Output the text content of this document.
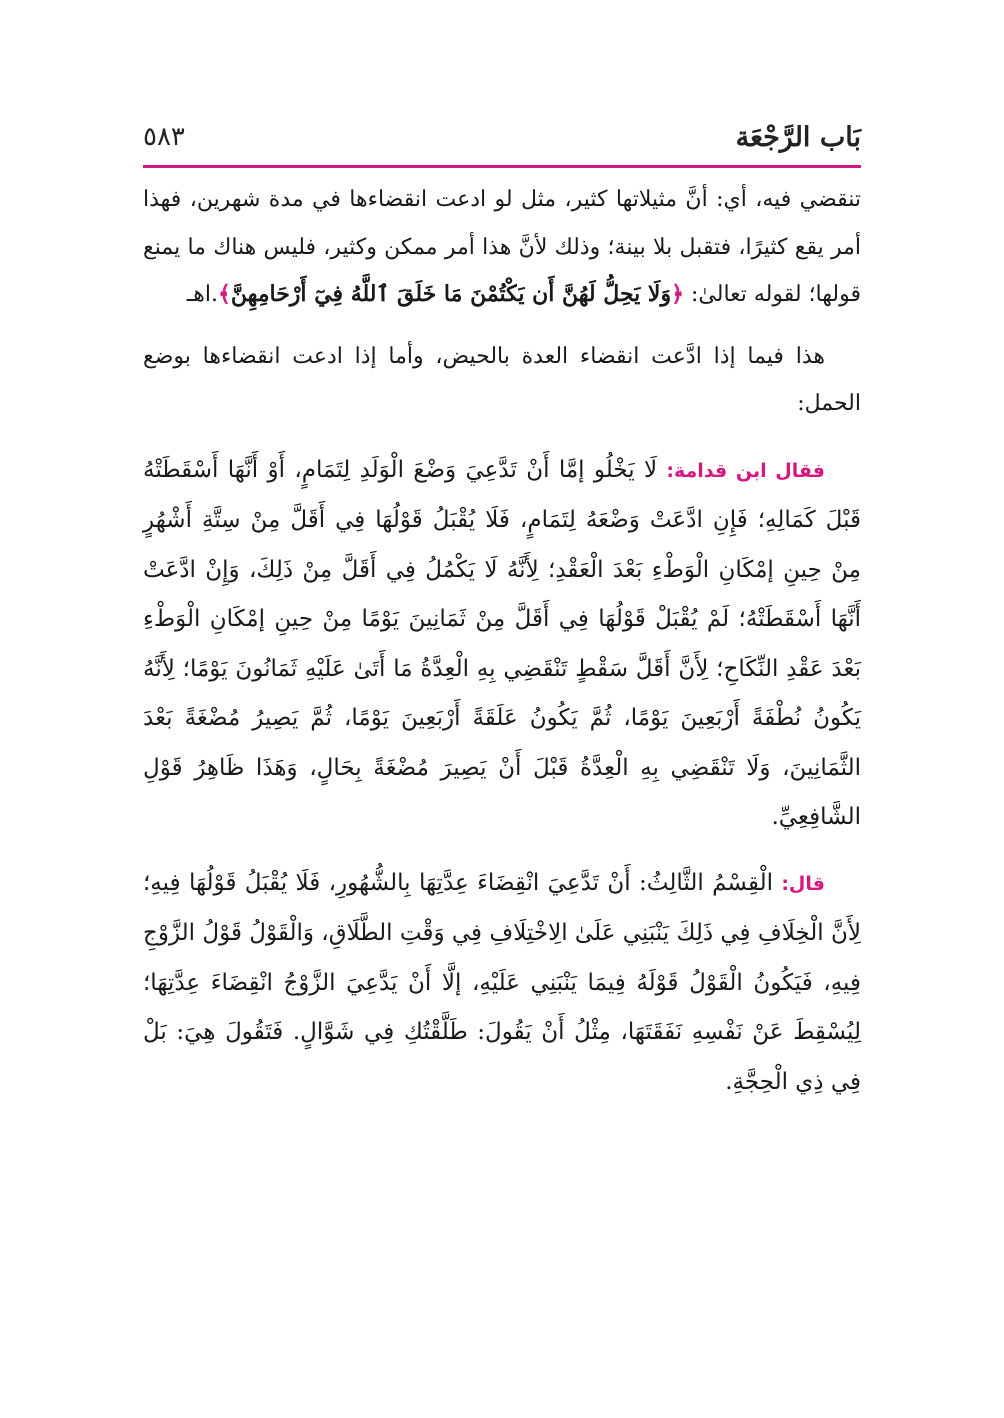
بَاب الرَّجْعَة
٥٨٣

تنقضي فيه، أي: أنَّ مثيلاتها كثير، مثل لو ادعت انقضاءها في مدة شهرين، فهذا أمر يقع كثيرًا، فتقبل بلا بينة؛ وذلك لأنَّ هذا أمر ممكن وكثير، فليس هناك ما يمنع قولها؛ لقوله تعالىٰ: ﴿وَلَا يَحِلُّ لَهُنَّ أَن يَكْتُمْنَ مَا خَلَقَ ٱللَّهُ فِيٓ أَرْحَامِهِنَّ﴾.اهـ

هذا فيما إذا ادَّعت انقضاء العدة بالحيض، وأما إذا ادعت انقضاءها بوضع الحمل:

فقال ابن قدامة: لَا يَخْلُو إمَّا أَنْ تَدَّعِيَ وَضْعَ الْوَلَدِ لِتَمَامٍ، أَوْ أَنَّهَا أَسْقَطَتْهُ قَبْلَ كَمَالِهِ؛ فَإِنِ ادَّعَتْ وَضْعَهُ لِتَمَامٍ، فَلَا يُقْبَلُ قَوْلُهَا فِي أَقَلَّ مِنْ سِتَّةِ أَشْهُرٍ مِنْ حِينِ إمْكَانِ الْوَطْءِ بَعْدَ الْعَقْدِ؛ لِأَنَّهُ لَا يَكْمُلُ فِي أَقَلَّ مِنْ ذَلِكَ، وَإِنْ ادَّعَتْ أَنَّهَا أَسْقَطَتْهُ؛ لَمْ يُقْبَلْ قَوْلُهَا فِي أَقَلَّ مِنْ ثَمَانِينَ يَوْمًا مِنْ حِينِ إمْكَانِ الْوَطْءِ بَعْدَ عَقْدِ النِّكَاحِ؛ لِأَنَّ أَقَلَّ سَقْطٍ تَنْقَضِي بِهِ الْعِدَّةُ مَا أَتَىٰ عَلَيْهِ ثَمَانُونَ يَوْمًا؛ لِأَنَّهُ يَكُونُ نُطْفَةً أَرْبَعِينَ يَوْمًا، ثُمَّ يَكُونُ عَلَقَةً أَرْبَعِينَ يَوْمًا، ثُمَّ يَصِيرُ مُضْغَةً بَعْدَ الثَّمَانِينَ، وَلَا تَنْقَضِي بِهِ الْعِدَّةُ قَبْلَ أَنْ يَصِيرَ مُضْغَةً بِحَالٍ، وَهَذَا ظَاهِرُ قَوْلِ الشَّافِعِيِّ.

قال: الْقِسْمُ الثَّالِثُ: أَنْ تَدَّعِيَ انْقِضَاءَ عِدَّتِهَا بِالشُّهُورِ، فَلَا يُقْبَلُ قَوْلُهَا فِيهِ؛ لِأَنَّ الْخِلَافِ فِي ذَلِكَ يَنْبَنِي عَلَىٰ الِاخْتِلَافِ فِي وَقْتِ الطَّلَاقِ، وَالْقَوْلُ قَوْلُ الزَّوْجِ فِيهِ، فَيَكُونُ الْقَوْلُ قَوْلَهُ فِيمَا يَنْبَنِي عَلَيْهِ، إلَّا أَنْ يَدَّعِيَ الزَّوْجُ انْقِضَاءَ عِدَّتِهَا؛ لِيُسْقِطَ عَنْ نَفْسِهِ نَفَقَتَهَا، مِثْلُ أَنْ يَقُولَ: طَلَّقْتُكِ فِي شَوَّالٍ. فَتَقُولَ هِيَ: بَلْ فِي ذِي الْحِجَّةِ.
